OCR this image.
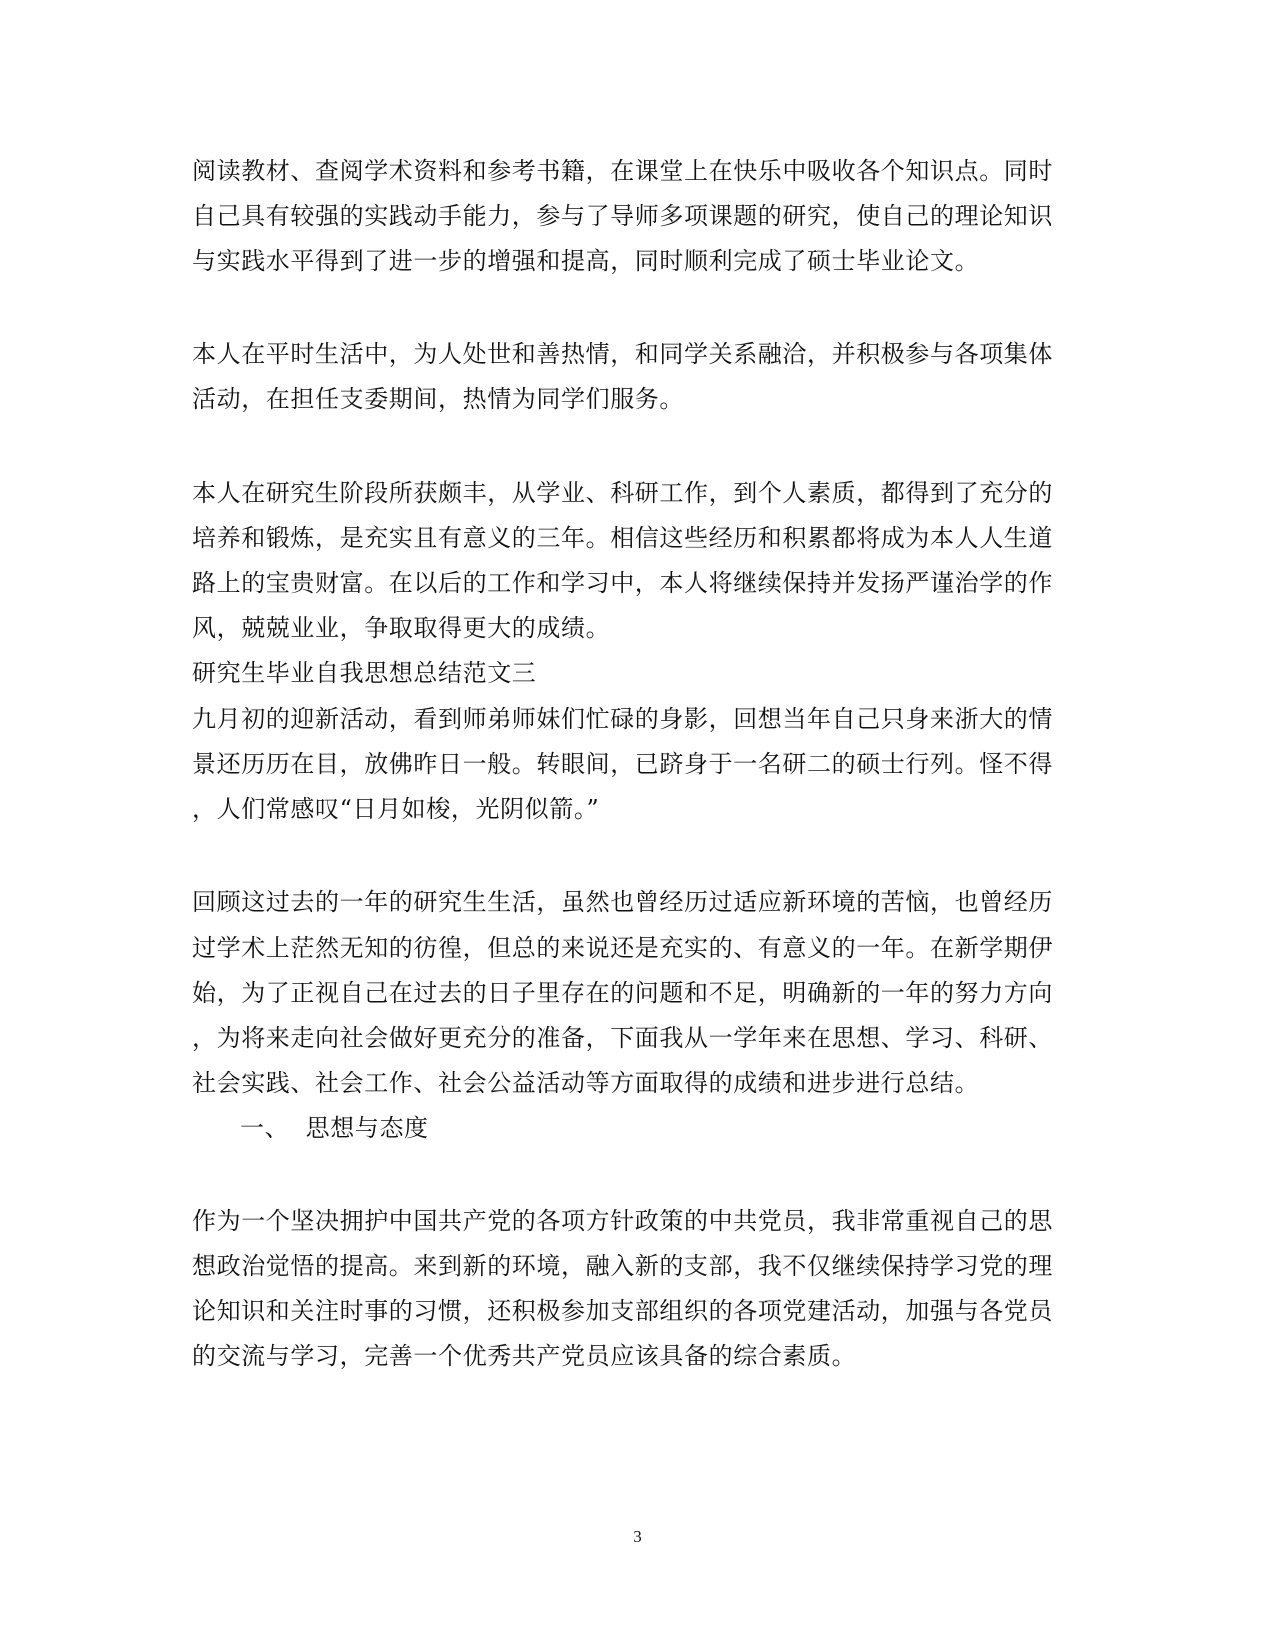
阅读教材、查阅学术资料和参考书籍，在课堂上在快乐中吸收各个知识点。同时
自己具有较强的实践动手能力，参与了导师多项课题的研究，使自己的理论知识
与实践水平得到了进一步的增强和提高，同时顺利完成了硕士毕业论文。
本人在平时生活中，为人处世和善热情，和同学关系融洽，并积极参与各项集体
活动，在担任支委期间，热情为同学们服务。
本人在研究生阶段所获颇丰，从学业、科研工作，到个人素质，都得到了充分的
培养和锻炼，是充实且有意义的三年。相信这些经历和积累都将成为本人人生道
路上的宝贵财富。在以后的工作和学习中，本人将继续保持并发扬严谨治学的作
风，兢兢业业，争取取得更大的成绩。
研究生毕业自我思想总结范文三
九月初的迎新活动，看到师弟师妹们忙碌的身影，回想当年自己只身来浙大的情
景还历历在目，放佛昨日一般。转眼间，已跻身于一名研二的硕士行列。怪不得
，人们常感叹“日月如梭，光阴似箭。”
回顾这过去的一年的研究生生活，虽然也曾经历过适应新环境的苦恼，也曾经历
过学术上茫然无知的彷徨，但总的来说还是充实的、有意义的一年。在新学期伊
始，为了正视自己在过去的日子里存在的问题和不足，明确新的一年的努力方向
，为将来走向社会做好更充分的准备，下面我从一学年来在思想、学习、科研、
社会实践、社会工作、社会公益活动等方面取得的成绩和进步进行总结。
一、  思想与态度
作为一个坚决拥护中国共产党的各项方针政策的中共党员，我非常重视自己的思
想政治觉悟的提高。来到新的环境，融入新的支部，我不仅继续保持学习党的理
论知识和关注时事的习惯，还积极参加支部组织的各项党建活动，加强与各党员
的交流与学习，完善一个优秀共产党员应该具备的综合素质。
3
